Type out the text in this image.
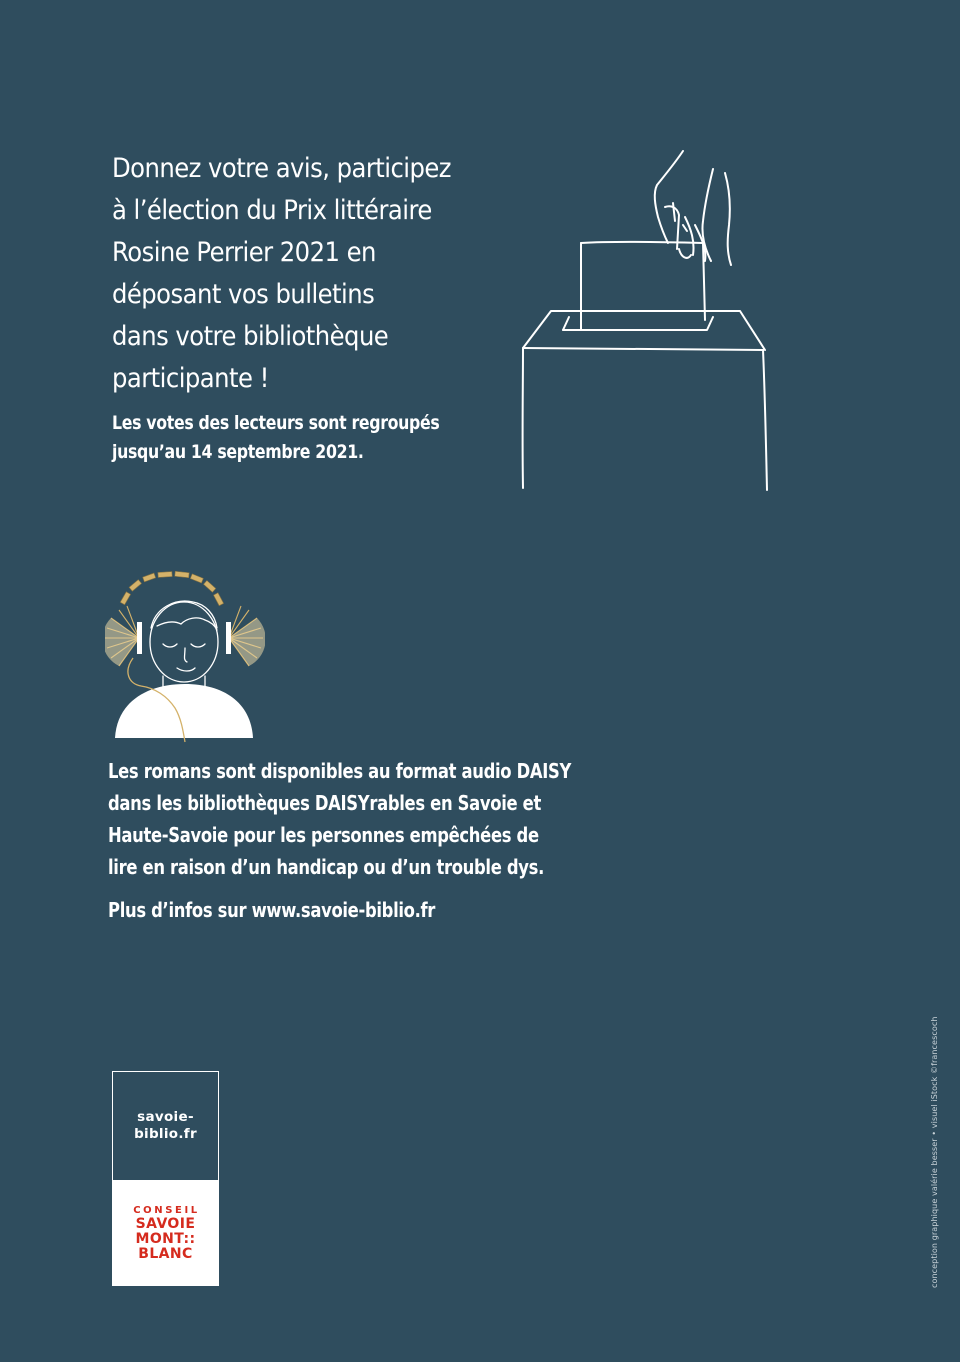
Donnez votre avis, participez
à l’élection du Prix littéraire
Rosine Perrier 2021 en
déposant vos bulletins
dans votre bibliothèque
participante !
Les votes des lecteurs sont regroupés
jusqu’au 14 septembre 2021.
Les romans sont disponibles au format audio DAISY
dans les bibliothèques DAISYrables en Savoie et
Haute-Savoie pour les personnes empêchées de
lire en raison d’un handicap ou d’un trouble dys.

Plus d’infos sur www.savoie-biblio.fr

savoie-
biblio.fr
CONSEIL
SAVOIE
MONT::
BLANC	conception graphique valérie besser • visuel iStock ©francescoch
